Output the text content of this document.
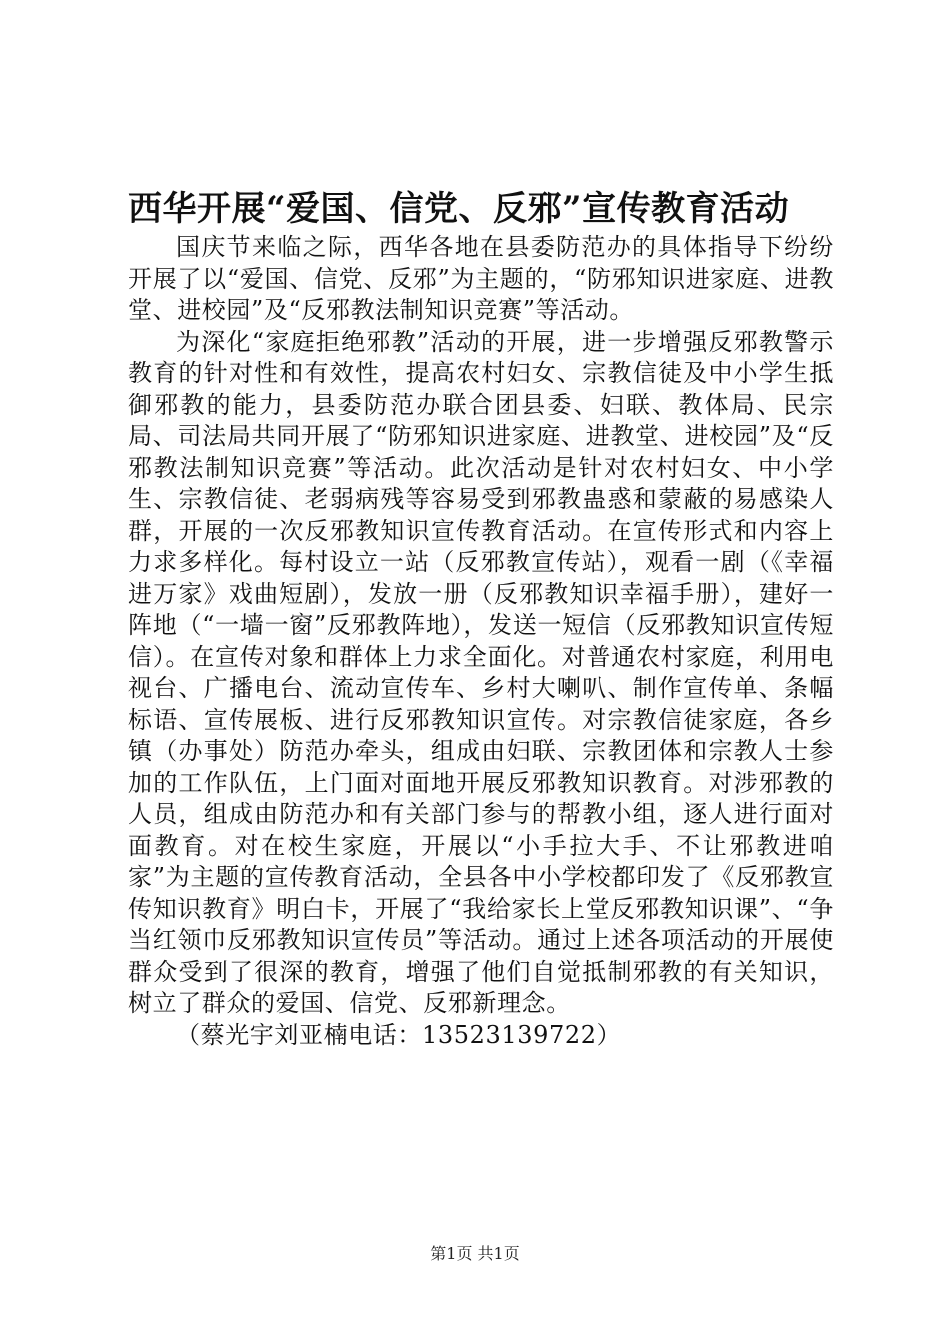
西华开展“爱国、信党、反邪”宣传教育活动

国庆节来临之际，西华各地在县委防范办的具体指导下纷纷开展了以“爱国、信党、反邪”为主题的，“防邪知识进家庭、进教堂、进校园”及“反邪教法制知识竞赛”等活动。

为深化“家庭拒绝邪教”活动的开展，进一步增强反邪教警示教育的针对性和有效性，提高农村妇女、宗教信徒及中小学生抵御邪教的能力，县委防范办联合团县委、妇联、教体局、民宗局、司法局共同开展了“防邪知识进家庭、进教堂、进校园”及“反邪教法制知识竞赛”等活动。此次活动是针对农村妇女、中小学生、宗教信徒、老弱病残等容易受到邪教蛊惑和蒙蔽的易感染人群，开展的一次反邪教知识宣传教育活动。在宣传形式和内容上力求多样化。每村设立一站（反邪教宣传站），观看一剧（《幸福进万家》戏曲短剧），发放一册（反邪教知识幸福手册），建好一阵地（“一墙一窗”反邪教阵地），发送一短信（反邪教知识宣传短信）。在宣传对象和群体上力求全面化。对普通农村家庭，利用电视台、广播电台、流动宣传车、乡村大喇叭、制作宣传单、条幅标语、宣传展板、进行反邪教知识宣传。对宗教信徒家庭，各乡镇（办事处）防范办牵头，组成由妇联、宗教团体和宗教人士参加的工作队伍，上门面对面地开展反邪教知识教育。对涉邪教的人员，组成由防范办和有关部门参与的帮教小组，逐人进行面对面教育。对在校生家庭，开展以“小手拉大手、不让邪教进咱家”为主题的宣传教育活动，全县各中小学校都印发了《反邪教宣传知识教育》明白卡，开展了“我给家长上堂反邪教知识课”、“争当红领巾反邪教知识宣传员”等活动。通过上述各项活动的开展使群众受到了很深的教育，增强了他们自觉抵制邪教的有关知识，树立了群众的爱国、信党、反邪新理念。

（蔡光宇刘亚楠电话：13523139722）

第1页 共1页
